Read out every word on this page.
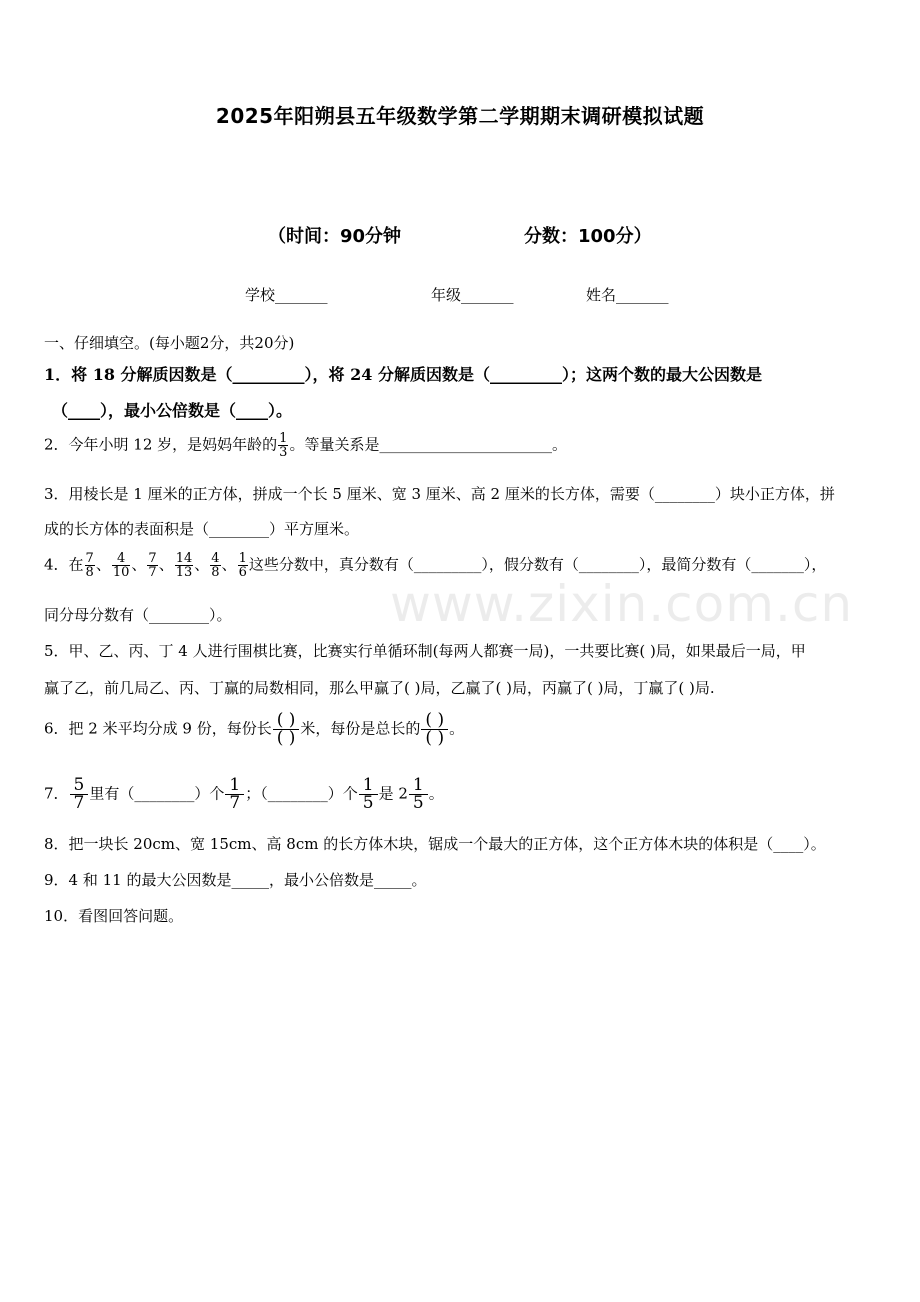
2025年阳朔县五年级数学第二学期期末调研模拟试题
（时间：90分钟	分数：100分）
学校_______	年级_______	姓名_______
一、仔细填空。(每小题2分，共20分)
1．将 18 分解质因数是（_________），将 24 分解质因数是（_________）；这两个数的最大公因数是
（____），最小公倍数是（____）。
2．今年小明 12 岁，是妈妈年龄的 $\frac{1}{3}$ 。等量关系是_______________________。
3．用棱长是 1 厘米的正方体，拼成一个长 5 厘米、宽 3 厘米、高 2 厘米的长方体，需要（________）块小正方体，拼
成的长方体的表面积是（________）平方厘米。
4．在 $\frac{7}{8}$ 、 $\frac{4}{10}$ 、 $\frac{7}{7}$ 、 $\frac{14}{13}$ 、 $\frac{4}{8}$ 、 $\frac{1}{6}$ 这些分数中，真分数有（_________），假分数有（________），最简分数有（_______），
同分母分数有（________）。	www.zixin.com.cn
5．甲、乙、丙、丁 4 人进行围棋比赛，比赛实行单循环制(每两人都赛一局)，一共要比赛( )局，如果最后一局，甲
赢了乙，前几局乙、丙、丁赢的局数相同，那么甲赢了( )局，乙赢了( )局，丙赢了( )局，丁赢了( )局.
6．把 2 米平均分成 9 份，每份长 $\frac{( )}{( )}$ 米，每份是总长的 $\frac{( )}{( )}$ 。
7． $\frac{5}{7}$ 里有（________）个 $\frac{1}{7}$ ；（________）个 $\frac{1}{5}$ 是 $2 \frac{1}{5}$ 。
8．把一块长 20cm、宽 15cm、高 8cm 的长方体木块，锯成一个最大的正方体，这个正方体木块的体积是（____）。
9．4 和 11 的最大公因数是_____，最小公倍数是_____。
10．看图回答问题。
